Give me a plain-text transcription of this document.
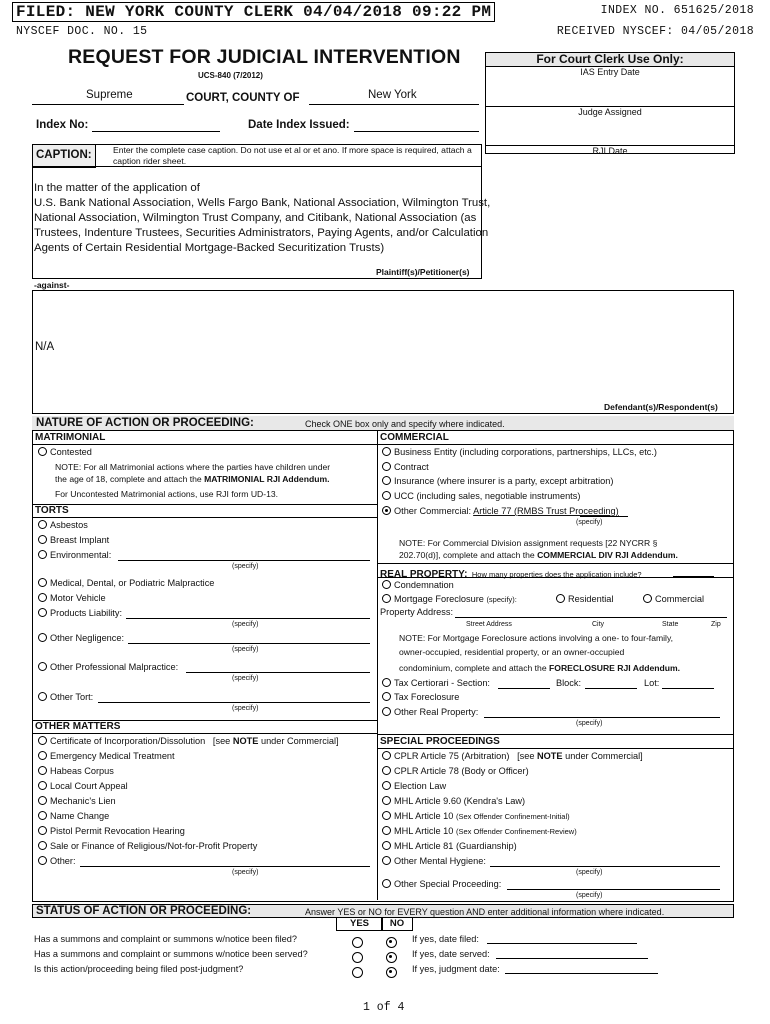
FILED: NEW YORK COUNTY CLERK 04/04/2018 09:22 PM
NYSCEF DOC. NO. 15
INDEX NO. 651625/2018
RECEIVED NYSCEF: 04/05/2018
REQUEST FOR JUDICIAL INTERVENTION
UCS-840 (7/2012)
For Court Clerk Use Only:
IAS Entry Date
Judge Assigned
RJI Date
Supreme	COURT, COUNTY OF	New York
Index No:	Date Index Issued:
CAPTION: Enter the complete case caption. Do not use et al or et ano. If more space is required, attach a caption rider sheet.
In the matter of the application of
U.S. Bank National Association, Wells Fargo Bank, National Association, Wilmington Trust,
National Association, Wilmington Trust Company, and Citibank, National Association (as
Trustees, Indenture Trustees, Securities Administrators, Paying Agents, and/or Calculation
Agents of Certain Residential Mortgage-Backed Securitization Trusts)
Plaintiff(s)/Petitioner(s)
-against-
N/A
Defendant(s)/Respondent(s)
NATURE OF ACTION OR PROCEEDING:	Check ONE box only and specify where indicated.
MATRIMONIAL
Contested
NOTE: For all Matrimonial actions where the parties have children under
the age of 18, complete and attach the MATRIMONIAL RJI Addendum.
For Uncontested Matrimonial actions, use RJI form UD-13.
TORTS
Asbestos
Breast Implant
Environmental:
(specify)
Medical, Dental, or Podiatric Malpractice
Motor Vehicle
Products Liability:
(specify)
Other Negligence:
(specify)
Other Professional Malpractice:
(specify)
Other Tort:
(specify)
OTHER MATTERS
Certificate of Incorporation/Dissolution [see NOTE under Commercial]
Emergency Medical Treatment
Habeas Corpus
Local Court Appeal
Mechanic's Lien
Name Change
Pistol Permit Revocation Hearing
Sale or Finance of Religious/Not-for-Profit Property
Other:
(specify)
COMMERCIAL
Business Entity (including corporations, partnerships, LLCs, etc.)
Contract
Insurance (where insurer is a party, except arbitration)
UCC (including sales, negotiable instruments)
Other Commercial: Article 77 (RMBS Trust Proceeding)
(specify)
NOTE: For Commercial Division assignment requests [22 NYCRR §
202.70(d)], complete and attach the COMMERCIAL DIV RJI Addendum.
REAL PROPERTY: How many properties does the application include?
Condemnation
Mortgage Foreclosure (specify):	Residential	Commercial
Property Address:
Street Address	City	State	Zip
NOTE: For Mortgage Foreclosure actions involving a one- to four-family,
owner-occupied, residential property, or an owner-occupied
condominium, complete and attach the FORECLOSURE RJI Addendum.
Tax Certiorari - Section:	Block:	Lot:
Tax Foreclosure
Other Real Property:
(specify)
SPECIAL PROCEEDINGS
CPLR Article 75 (Arbitration) [see NOTE under Commercial]
CPLR Article 78 (Body or Officer)
Election Law
MHL Article 9.60 (Kendra's Law)
MHL Article 10 (Sex Offender Confinement-Initial)
MHL Article 10 (Sex Offender Confinement-Review)
MHL Article 81 (Guardianship)
Other Mental Hygiene:
(specify)
Other Special Proceeding:
(specify)
STATUS OF ACTION OR PROCEEDING:	Answer YES or NO for EVERY question AND enter additional information where indicated.
YES	NO
Has a summons and complaint or summons w/notice been filed?	If yes, date filed:
Has a summons and complaint or summons w/notice been served?	If yes, date served:
Is this action/proceeding being filed post-judgment?	If yes, judgment date:
1 of 4
